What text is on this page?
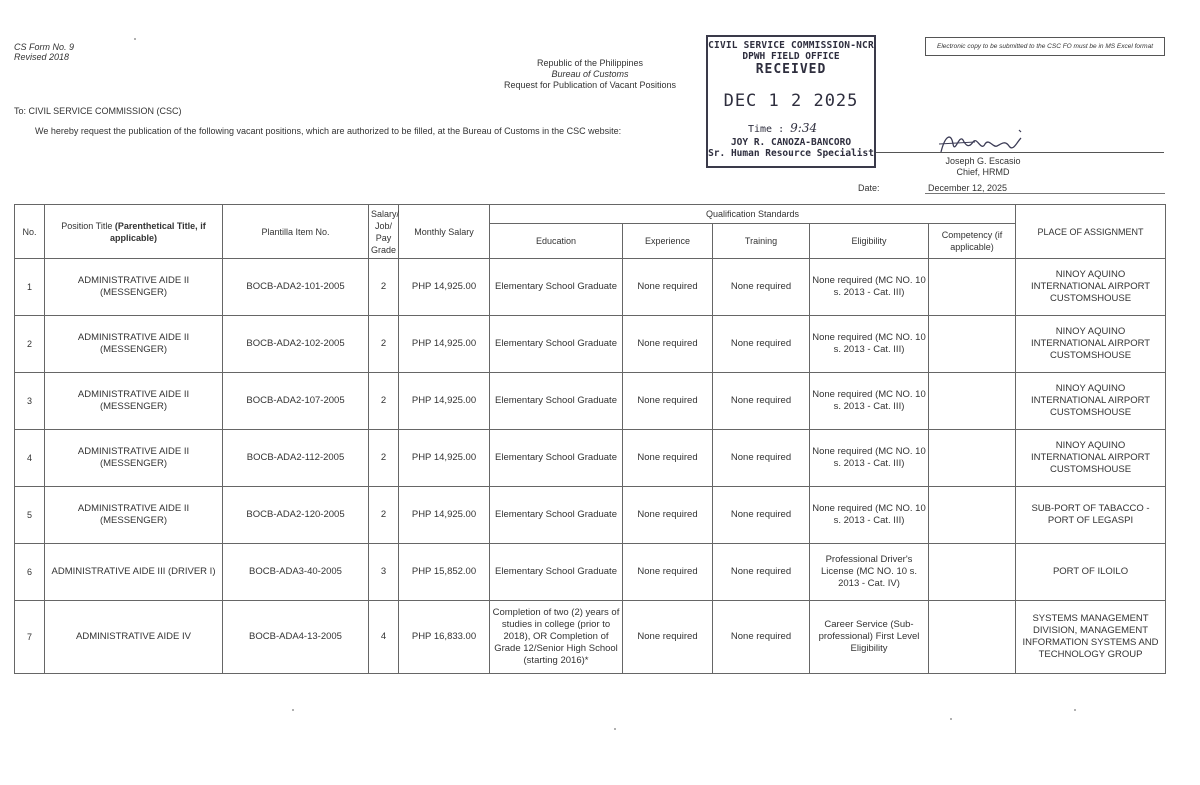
CS Form No. 9
Revised 2018
Republic of the Philippines
Bureau of Customs
Request for Publication of Vacant Positions
Electronic copy to be submitted to the CSC FO must be in MS Excel format
To: CIVIL SERVICE COMMISSION (CSC)
We hereby request the publication of the following vacant positions, which are authorized to be filled, at the Bureau of Customs in the CSC website:
CIVIL SERVICE COMMISSION-NCR
DPWH FIELD OFFICE
RECEIVED
DEC 1 2 2025
Time : 9:34
JOY R. CANOZA-BANCORO
Sr. Human Resource Specialist
Joseph G. Escasio
Chief, HRMD
Date:	December 12, 2025
No.	Position Title (Parenthetical Title, if applicable)	Plantilla Item No.	Salary/ Job/ Pay Grade	Monthly Salary	Qualification Standards					PLACE OF ASSIGNMENT
					Education	Experience	Training	Eligibility	Competency (if applicable)	
1	ADMINISTRATIVE AIDE II (MESSENGER)	BOCB-ADA2-101-2005	2	PHP 14,925.00	Elementary School Graduate	None required	None required	None required (MC NO. 10 s. 2013 - Cat. III)		NINOY AQUINO INTERNATIONAL AIRPORT CUSTOMSHOUSE
2	ADMINISTRATIVE AIDE II (MESSENGER)	BOCB-ADA2-102-2005	2	PHP 14,925.00	Elementary School Graduate	None required	None required	None required (MC NO. 10 s. 2013 - Cat. III)		NINOY AQUINO INTERNATIONAL AIRPORT CUSTOMSHOUSE
3	ADMINISTRATIVE AIDE II (MESSENGER)	BOCB-ADA2-107-2005	2	PHP 14,925.00	Elementary School Graduate	None required	None required	None required (MC NO. 10 s. 2013 - Cat. III)		NINOY AQUINO INTERNATIONAL AIRPORT CUSTOMSHOUSE
4	ADMINISTRATIVE AIDE II (MESSENGER)	BOCB-ADA2-112-2005	2	PHP 14,925.00	Elementary School Graduate	None required	None required	None required (MC NO. 10 s. 2013 - Cat. III)		NINOY AQUINO INTERNATIONAL AIRPORT CUSTOMSHOUSE
5	ADMINISTRATIVE AIDE II (MESSENGER)	BOCB-ADA2-120-2005	2	PHP 14,925.00	Elementary School Graduate	None required	None required	None required (MC NO. 10 s. 2013 - Cat. III)		SUB-PORT OF TABACCO - PORT OF LEGASPI
6	ADMINISTRATIVE AIDE III (DRIVER I)	BOCB-ADA3-40-2005	3	PHP 15,852.00	Elementary School Graduate	None required	None required	Professional Driver's License (MC NO. 10 s. 2013 - Cat. IV)		PORT OF ILOILO
7	ADMINISTRATIVE AIDE IV	BOCB-ADA4-13-2005	4	PHP 16,833.00	Completion of two (2) years of studies in college (prior to 2018), OR Completion of Grade 12/Senior High School (starting 2016)*	None required	None required	Career Service (Sub-professional) First Level Eligibility		SYSTEMS MANAGEMENT DIVISION, MANAGEMENT INFORMATION SYSTEMS AND TECHNOLOGY GROUP
